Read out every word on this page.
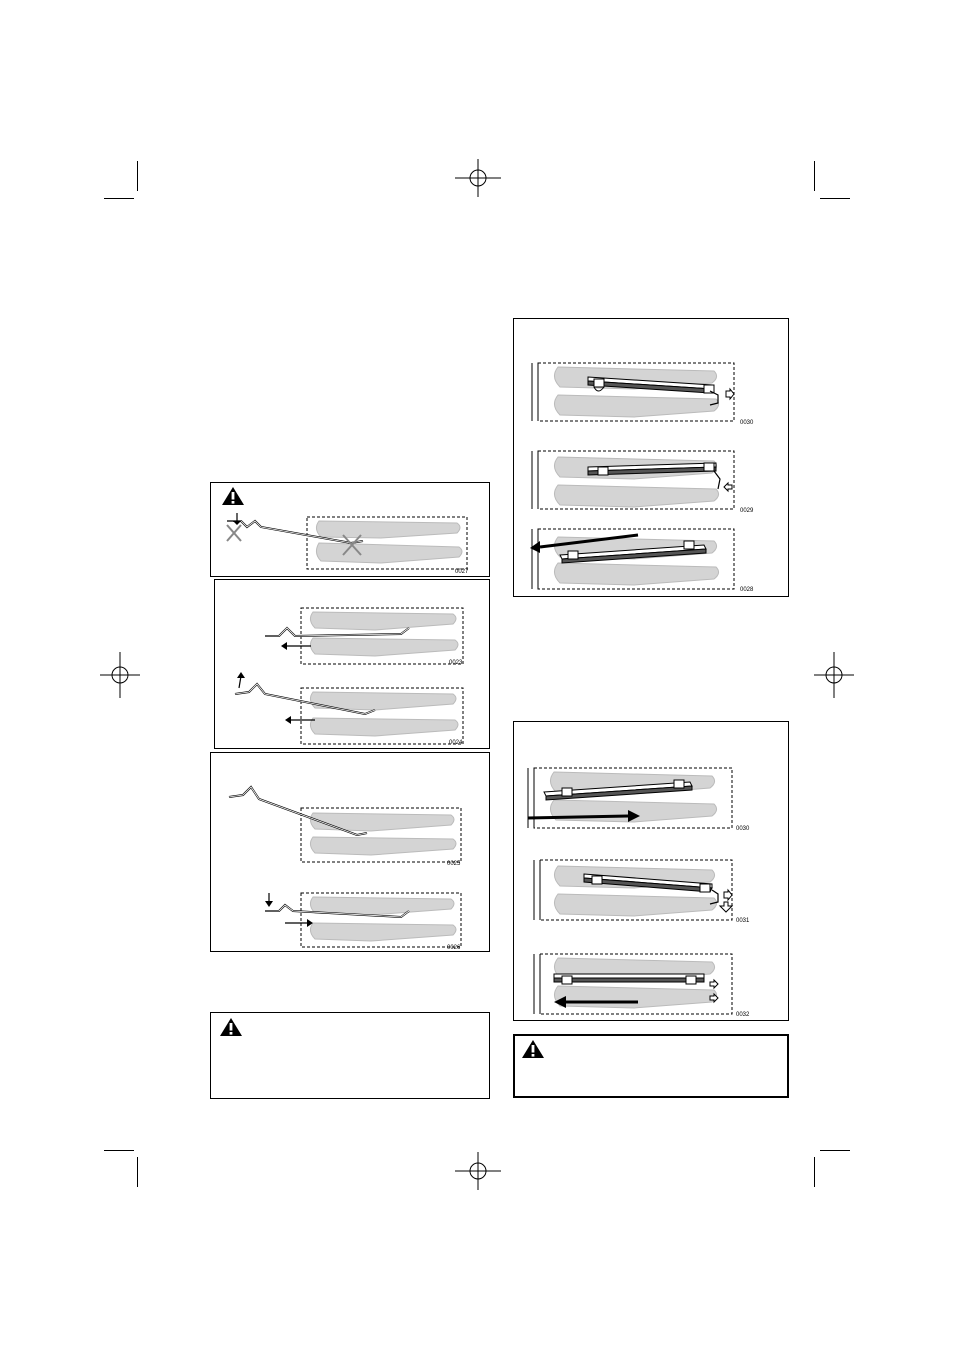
0027
0023
0024
0025
0026
0030
0029
0028
0030
0031
0032
